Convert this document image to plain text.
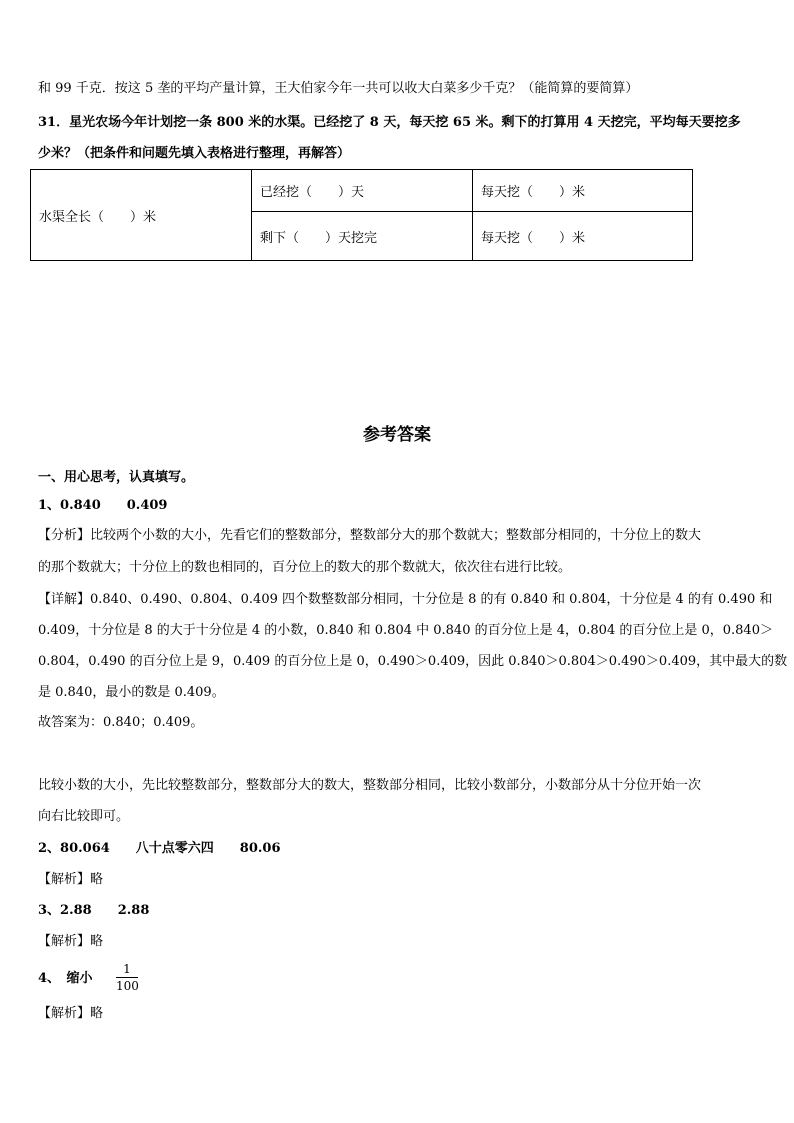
和 99 千克．按这 5 垄的平均产量计算，王大伯家今年一共可以收大白菜多少千克？（能简算的要简算）
31．星光农场今年计划挖一条 800 米的水渠。已经挖了 8 天，每天挖 65 米。剩下的打算用 4 天挖完，平均每天要挖多
少米？（把条件和问题先填入表格进行整理，再解答）
水渠全长（　　）米	已经挖（　　）天	每天挖（　　）米
	剩下（　　）天挖完	每天挖（　　）米
参考答案
一、用心思考，认真填写。
1、0.840　　0.409
【分析】比较两个小数的大小，先看它们的整数部分，整数部分大的那个数就大；整数部分相同的，十分位上的数大
的那个数就大；十分位上的数也相同的，百分位上的数大的那个数就大，依次往右进行比较。
【详解】0.840、0.490、0.804、0.409 四个数整数部分相同，十分位是 8 的有 0.840 和 0.804，十分位是 4 的有 0.490 和
0.409，十分位是 8 的大于十分位是 4 的小数，0.840 和 0.804 中 0.840 的百分位上是 4，0.804 的百分位上是 0，0.840＞
0.804，0.490 的百分位上是 9，0.409 的百分位上是 0，0.490＞0.409，因此 0.840＞0.804＞0.490＞0.409，其中最大的数
是 0.840，最小的数是 0.409。
故答案为：0.840；0.409。
比较小数的大小，先比较整数部分，整数部分大的数大，整数部分相同，比较小数部分，小数部分从十分位开始一次
向右比较即可。
2、80.064　　八十点零六四　　80.06
【解析】略
3、2.88　　2.88
【解析】略
4、　缩小
1
100
【解析】略
